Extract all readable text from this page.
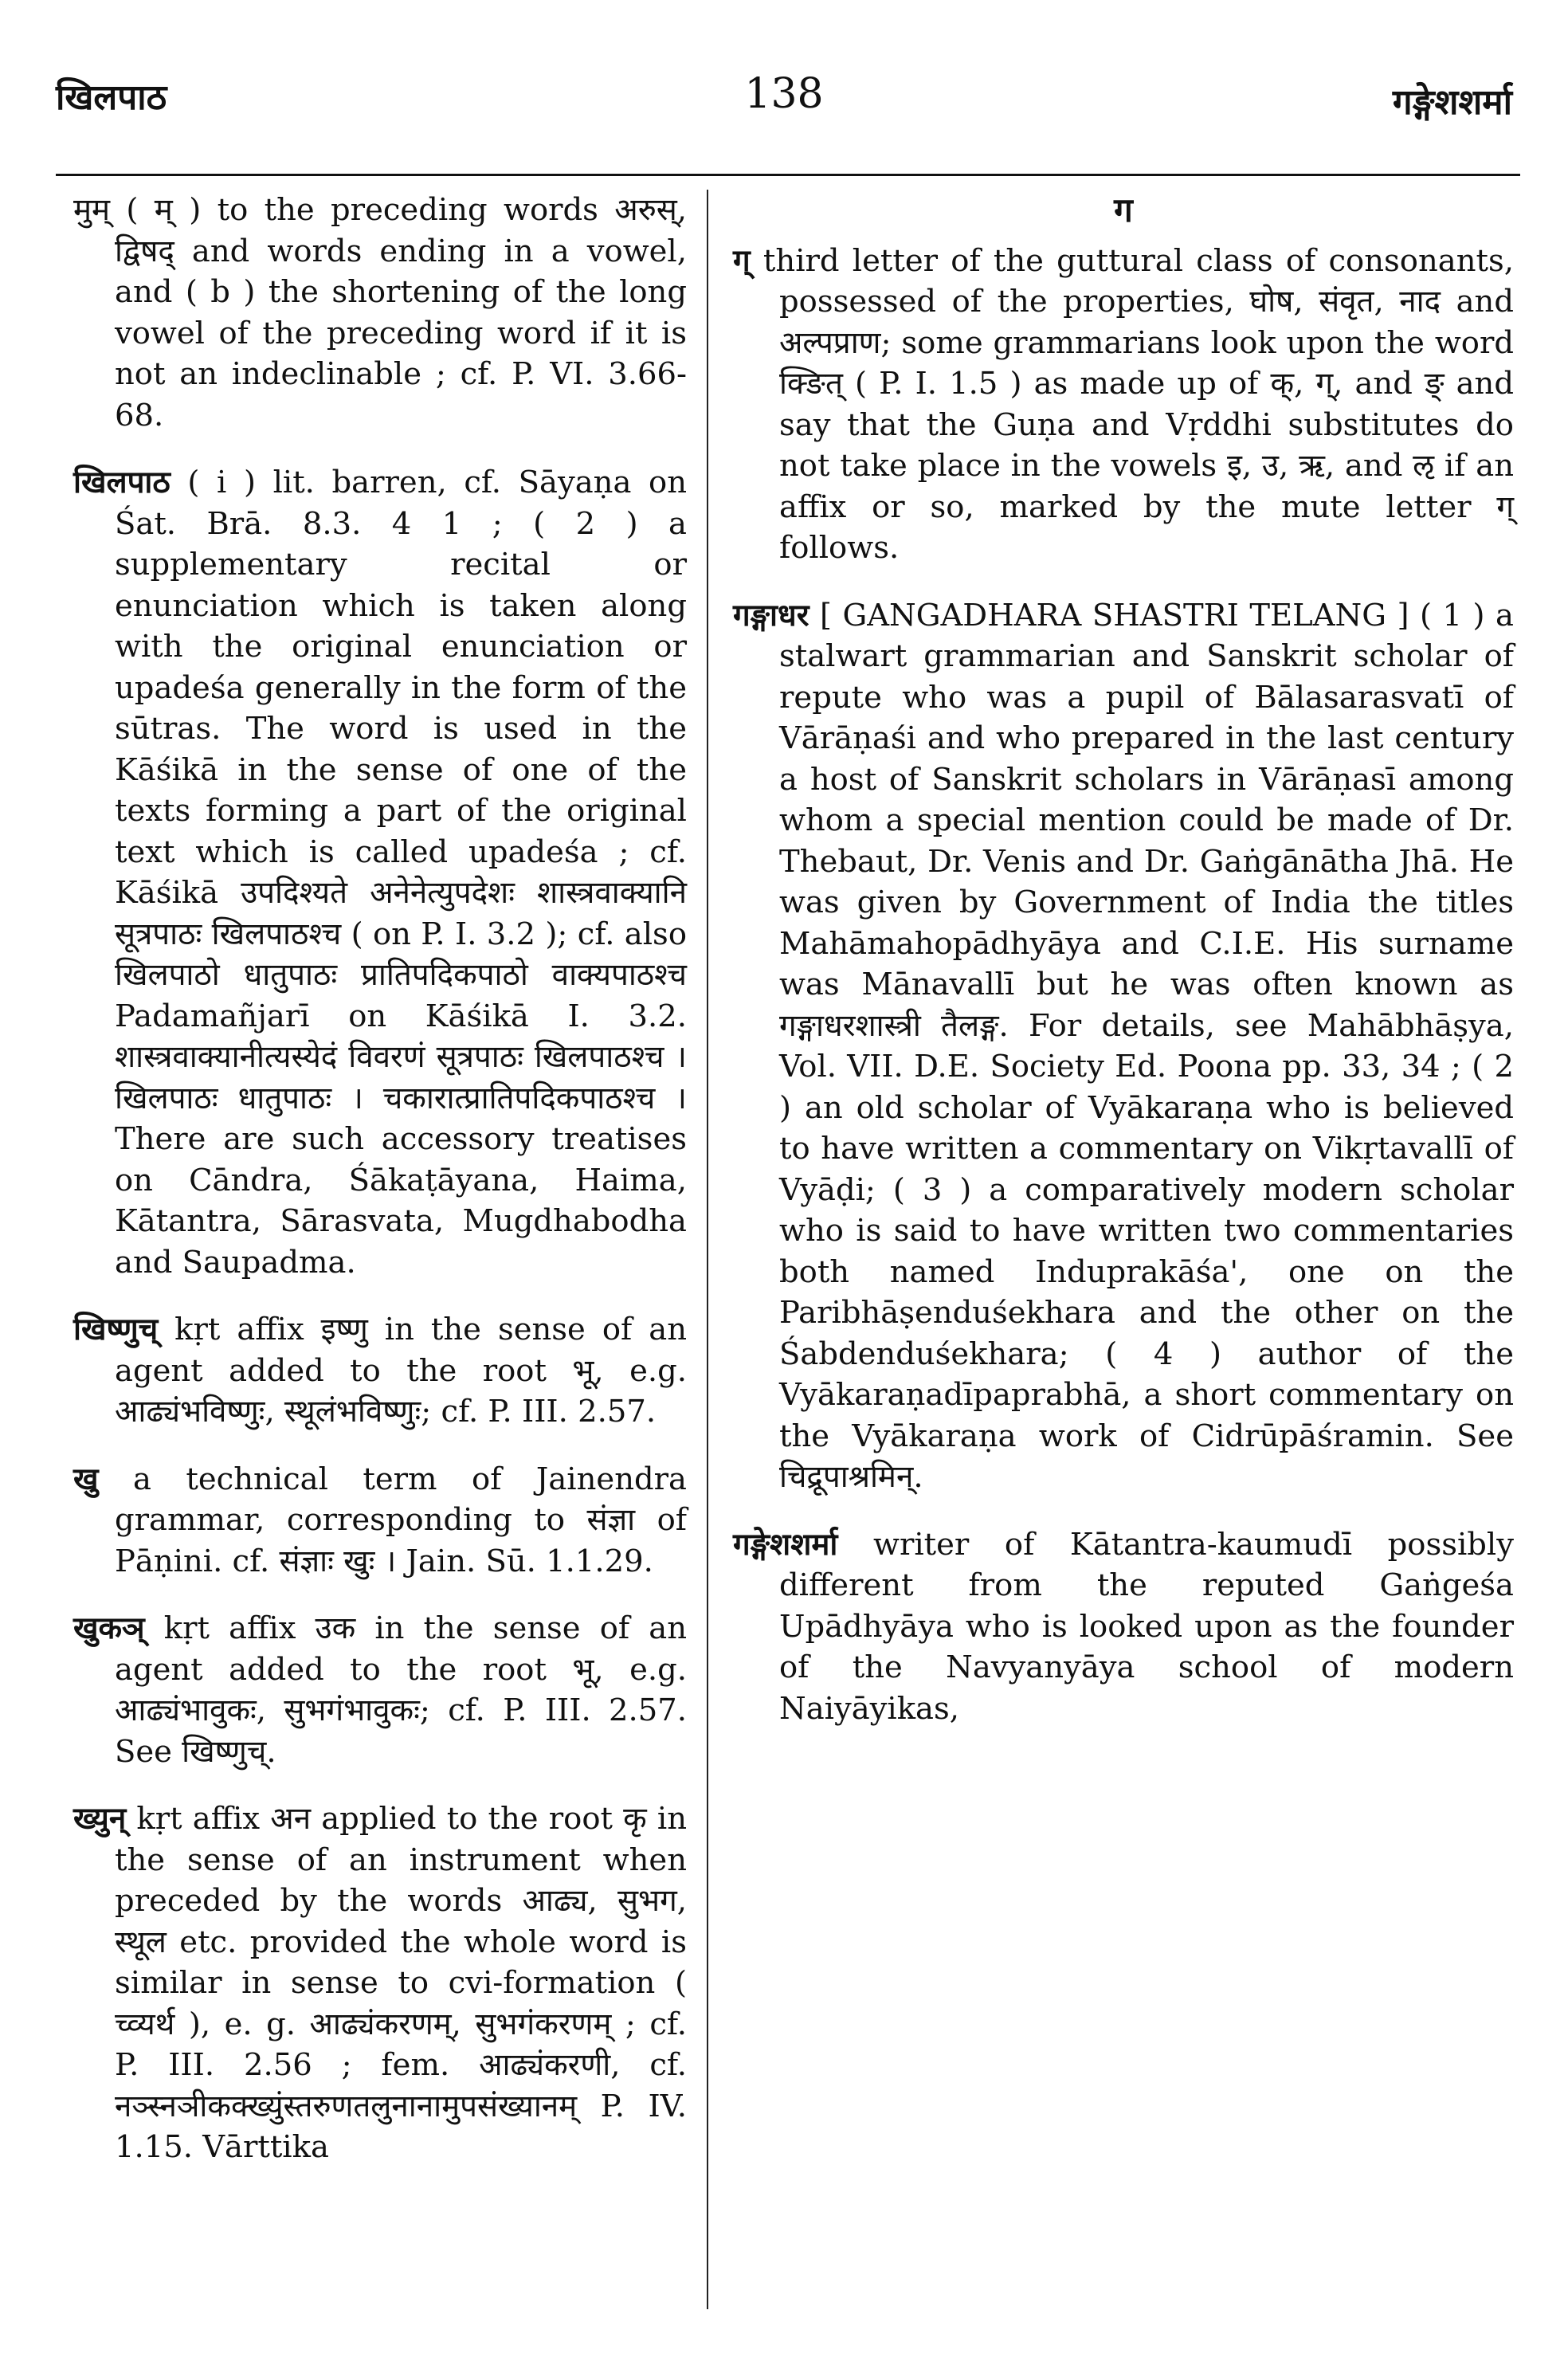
खिलपाठ	138	गङ्गेशशर्मा

मुम् ( म् ) to the preceding words अरुस्, द्विषद् and words ending in a vowel, and ( b ) the shortening of the long vowel of the preceding word if it is not an indeclinable ; cf. P. VI. 3.66-68.

खिलपाठ ( i ) lit. barren, cf. Sāyaṇa on Śat. Brā. 8.3. 4 1 ; ( 2 ) a supplementary recital or enunciation which is taken along with the original enunciation or upadeśa generally in the form of the sūtras. The word is used in the Kāśikā in the sense of one of the texts forming a part of the original text which is called upadeśa ; cf. Kāśikā उपदिश्यते अनेनेत्युपदेशः शास्त्रवाक्यानि सूत्रपाठः खिलपाठश्च ( on P. I. 3.2 ); cf. also खिलपाठो धातुपाठः प्रातिपदिकपाठो वाक्यपाठश्च Padamañjarī on Kāśikā I. 3.2. शास्त्रवाक्यानीत्यस्येदं विवरणं सूत्रपाठः खिलपाठश्च । खिलपाठः धातुपाठः । चकारात्प्रातिपदिकपाठश्च । There are such accessory treatises on Cāndra, Śākaṭāyana, Haima, Kātantra, Sārasvata, Mugdhabodha and Saupadma.

खिष्णुच् kṛt affix इष्णु in the sense of an agent added to the root भू, e.g. आढ्यंभविष्णुः, स्थूलंभविष्णुः; cf. P. III. 2.57.

खु a technical term of Jainendra grammar, corresponding to संज्ञा of Pāṇini. cf. संज्ञाः खुः । Jain. Sū. 1.1.29.

खुकञ् kṛt affix उक in the sense of an agent added to the root भू, e.g. आढ्यंभावुकः, सुभगंभावुकः; cf. P. III. 2.57. See खिष्णुच्.

ख्युन् kṛt affix अन applied to the root कृ in the sense of an instrument when preceded by the words आढ्य, सुभग, स्थूल etc. provided the whole word is similar in sense to cvi-formation ( च्व्यर्थ ), e. g. आढ्यंकरणम्, सुभगंकरणम् ; cf. P. III. 2.56 ; fem. आढ्यंकरणी, cf. नञ्स्नञीकक्ख्युंस्तरुणतलुनानामुपसंख्यानम् P. IV. 1.15. Vārttika

ग

ग् third letter of the guttural class of consonants, possessed of the properties, घोष, संवृत, नाद and अल्पप्राण; some grammarians look upon the word क्ङित् ( P. I. 1.5 ) as made up of क्, ग्, and ङ् and say that the Guṇa and Vṛddhi substitutes do not take place in the vowels इ, उ, ऋ, and ऌ if an affix or so, marked by the mute letter ग् follows.

गङ्गाधर [ GANGADHARA SHASTRI TELANG ] ( 1 ) a stalwart grammarian and Sanskrit scholar of repute who was a pupil of Bālasarasvatī of Vārāṇaśi and who prepared in the last century a host of Sanskrit scholars in Vārāṇasī among whom a special mention could be made of Dr. Thebaut, Dr. Venis and Dr. Gaṅgānātha Jhā. He was given by Government of India the titles Mahāmahopādhyāya and C.I.E. His surname was Mānavallī but he was often known as गङ्गाधरशास्त्री तैलङ्ग. For details, see Mahābhāṣya, Vol. VII. D.E. Society Ed. Poona pp. 33, 34 ; ( 2 ) an old scholar of Vyākaraṇa who is believed to have written a commentary on Vikṛtavallī of Vyāḍi; ( 3 ) a comparatively modern scholar who is said to have written two commentaries both named Induprakāśa', one on the Paribhāṣenduśekhara and the other on the Śabdenduśekhara; ( 4 ) author of the Vyākaraṇadīpaprabhā, a short commentary on the Vyākaraṇa work of Cidrūpāśramin. See चिद्रूपाश्रमिन्.

गङ्गेशशर्मा writer of Kātantra-kaumudī possibly different from the reputed Gaṅgeśa Upādhyāya who is looked upon as the founder of the Navyanyāya school of modern Naiyāyikas,
